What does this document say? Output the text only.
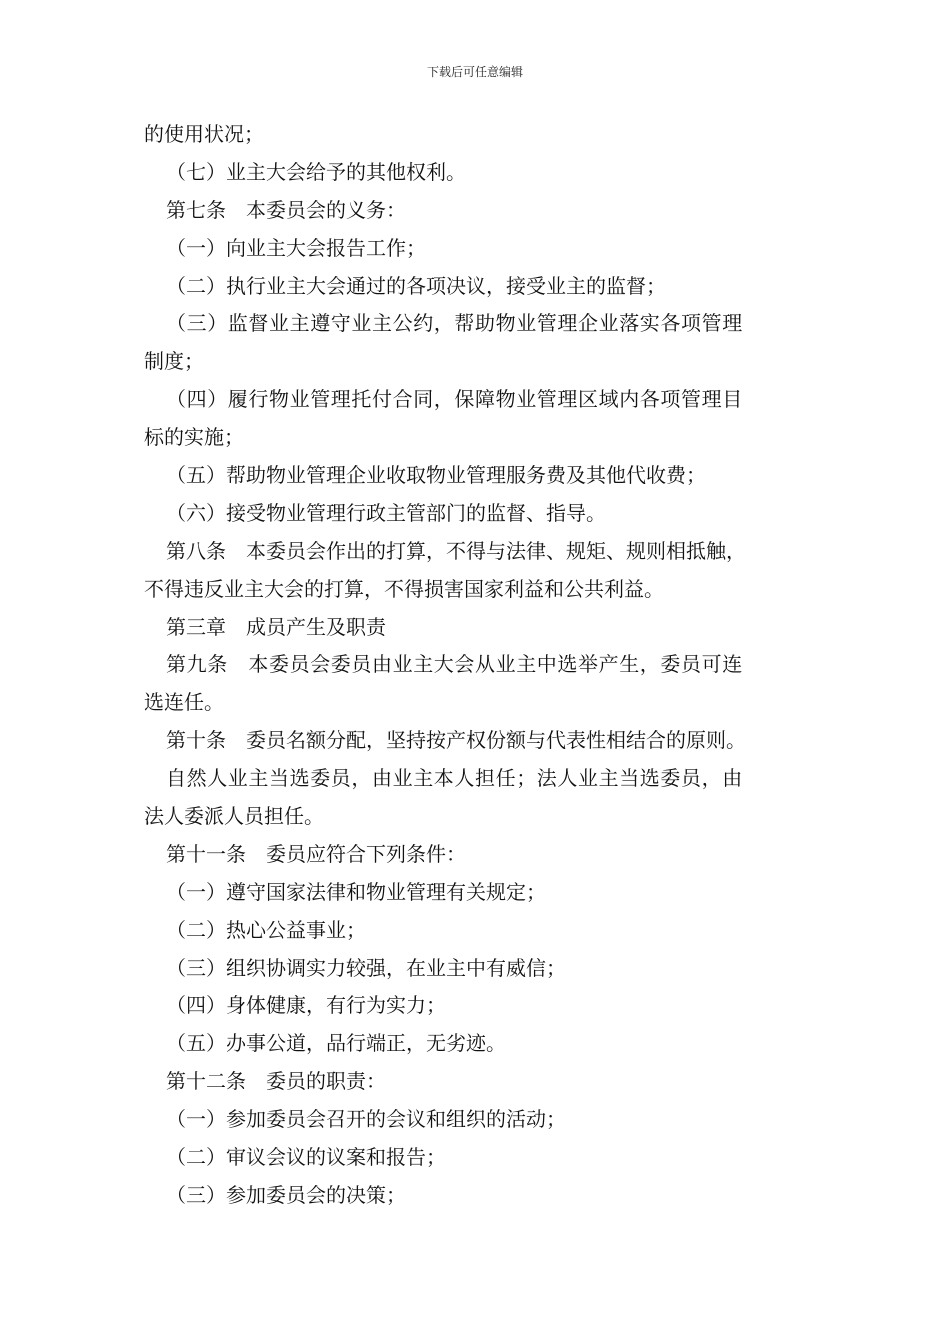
下载后可任意编辑
的使用状况；
（七）业主大会给予的其他权利。
第七条　本委员会的义务：
（一）向业主大会报告工作；
（二）执行业主大会通过的各项决议，接受业主的监督；
（三）监督业主遵守业主公约，帮助物业管理企业落实各项管理
制度；
（四）履行物业管理托付合同，保障物业管理区域内各项管理目
标的实施；
（五）帮助物业管理企业收取物业管理服务费及其他代收费；
（六）接受物业管理行政主管部门的监督、指导。
第八条　本委员会作出的打算，不得与法律、规矩、规则相抵触，
不得违反业主大会的打算，不得损害国家利益和公共利益。
第三章　成员产生及职责
第九条　本委员会委员由业主大会从业主中选举产生，委员可连
选连任。
第十条　委员名额分配，坚持按产权份额与代表性相结合的原则。
自然人业主当选委员，由业主本人担任；法人业主当选委员，由
法人委派人员担任。
第十一条　委员应符合下列条件：
（一）遵守国家法律和物业管理有关规定；
（二）热心公益事业；
（三）组织协调实力较强，在业主中有威信；
（四）身体健康，有行为实力；
（五）办事公道，品行端正，无劣迹。
第十二条　委员的职责：
（一）参加委员会召开的会议和组织的活动；
（二）审议会议的议案和报告；
（三）参加委员会的决策；
